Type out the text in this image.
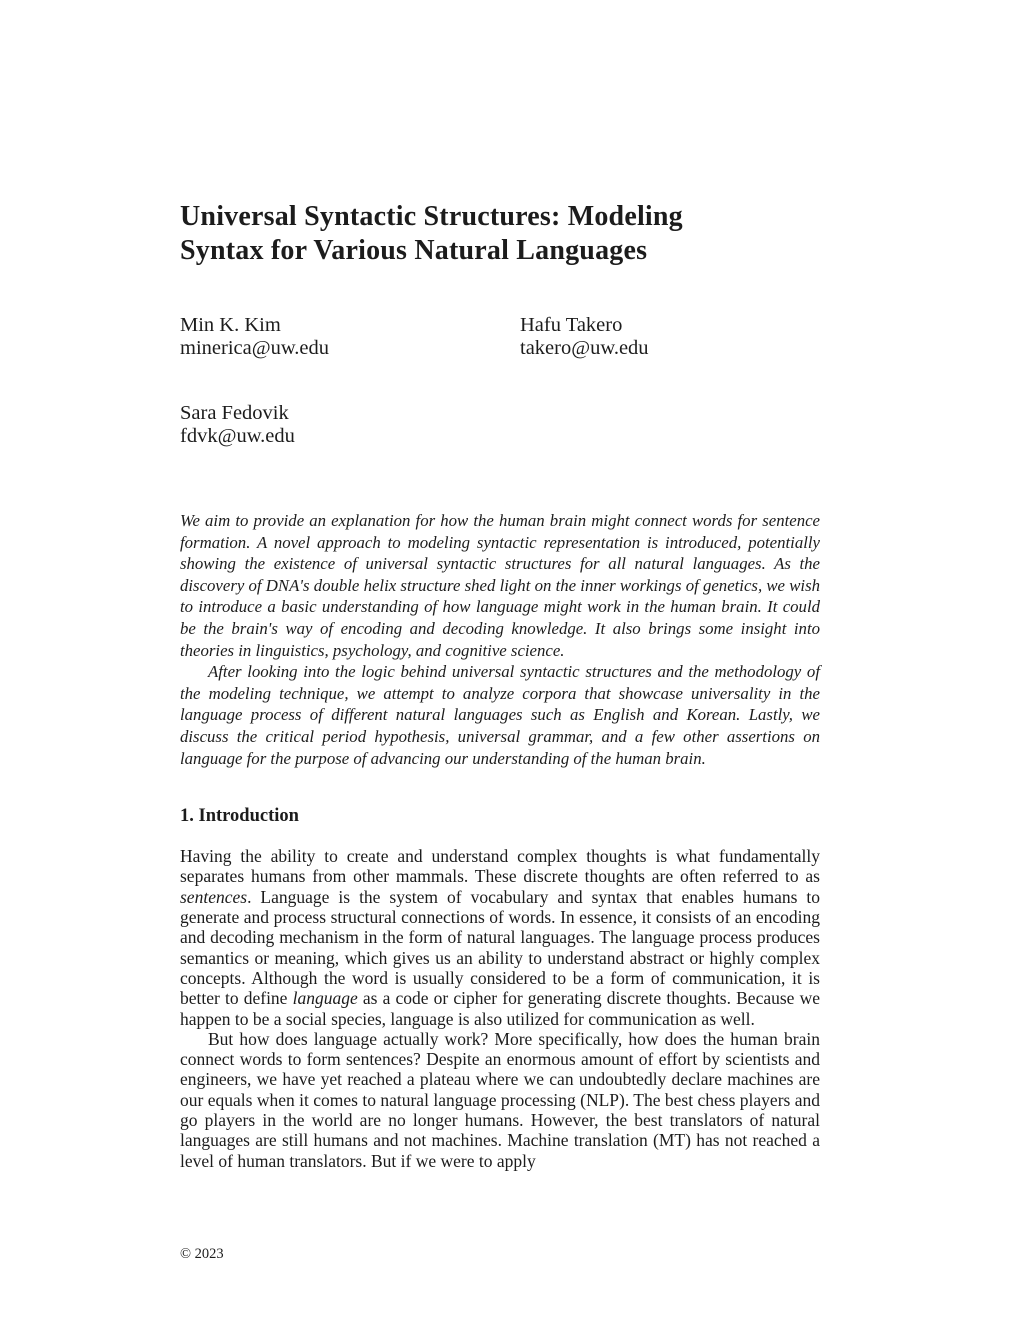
Universal Syntactic Structures: Modeling
Syntax for Various Natural Languages
Min K. Kim
minerica@uw.edu
Hafu Takero
takero@uw.edu
Sara Fedovik
fdvk@uw.edu

We aim to provide an explanation for how the human brain might connect words for sentence formation. A novel approach to modeling syntactic representation is introduced, potentially showing the existence of universal syntactic structures for all natural languages. As the discovery of DNA's double helix structure shed light on the inner workings of genetics, we wish to introduce a basic understanding of how language might work in the human brain. It could be the brain's way of encoding and decoding knowledge. It also brings some insight into theories in linguistics, psychology, and cognitive science.

After looking into the logic behind universal syntactic structures and the methodology of the modeling technique, we attempt to analyze corpora that showcase universality in the language process of different natural languages such as English and Korean. Lastly, we discuss the critical period hypothesis, universal grammar, and a few other assertions on language for the purpose of advancing our understanding of the human brain.

1. Introduction

Having the ability to create and understand complex thoughts is what fundamentally separates humans from other mammals. These discrete thoughts are often referred to as sentences. Language is the system of vocabulary and syntax that enables humans to generate and process structural connections of words. In essence, it consists of an encoding and decoding mechanism in the form of natural languages. The language process produces semantics or meaning, which gives us an ability to understand abstract or highly complex concepts. Although the word is usually considered to be a form of communication, it is better to define language as a code or cipher for generating discrete thoughts. Because we happen to be a social species, language is also utilized for communication as well.

But how does language actually work? More specifically, how does the human brain connect words to form sentences? Despite an enormous amount of effort by scientists and engineers, we have yet reached a plateau where we can undoubtedly declare machines are our equals when it comes to natural language processing (NLP). The best chess players and go players in the world are no longer humans. However, the best translators of natural languages are still humans and not machines. Machine translation (MT) has not reached a level of human translators. But if we were to apply

© 2023
